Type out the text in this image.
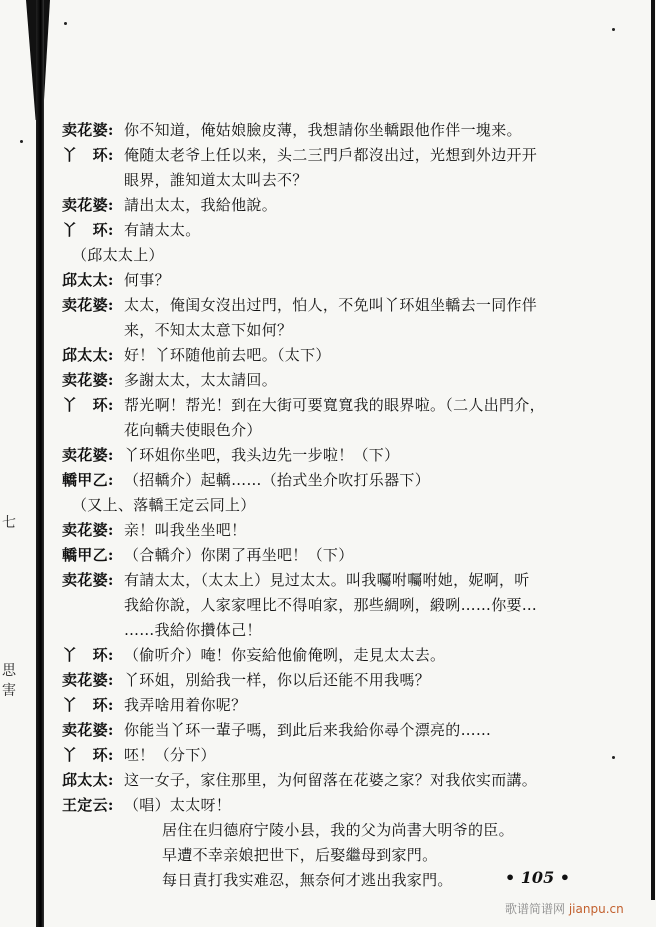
七
思
害
卖花婆: 你不知道，俺姑娘臉皮薄，我想請你坐轎跟他作伴一塊来。
丫　环: 俺随太老爷上任以来，头二三門戶都沒出过，光想到外边开开
眼界，誰知道太太叫去不？
卖花婆: 請出太太，我給他說。
丫　环: 有請太太。
（邱太太上）
邱太太: 何事？
卖花婆: 太太，俺闺女沒出过門，怕人，不免叫丫环姐坐轎去一同作伴
来，不知太太意下如何？
邱太太: 好！丫环随他前去吧。（太下）
卖花婆: 多謝太太，太太請回。
丫　环: 帮光啊！帮光！到在大街可要寬寬我的眼界啦。（二人出門介，
花向轎夫使眼色介）
卖花婆: 丫环姐你坐吧，我头边先一步啦！（下）
轎甲乙: （招轎介）起轎……（抬式坐介吹打乐器下）
（又上、落轎王定云同上）
卖花婆: 亲！叫我坐坐吧！
轎甲乙: （合轎介）你閑了再坐吧！（下）
卖花婆: 有請太太，（太太上）見过太太。叫我囑咐囑咐她，妮啊，听
我給你說，人家家哩比不得咱家，那些綢咧，緞咧……你要…
……我給你攢体己！
丫　环: （偷听介）唵！你妄給他偷俺咧，走見太太去。
卖花婆: 丫环姐，別給我一样，你以后还能不用我嗎？
丫　环: 我弄啥用着你呢？
卖花婆: 你能当丫环一輩子嗎，到此后来我給你尋个漂亮的……
丫　环: 呸！（分下）
邱太太: 这一女子，家住那里，为何留落在花婆之家？对我依实而講。
王定云: （唱）太太呀！
居住在归德府宁陵小县，我的父为尚書大明爷的臣。
早遭不幸亲娘把世下，后娶繼母到家門。
每日責打我实难忍，無奈何才逃出我家門。	• 105 •
歌谱简谱网 jianpu.cn
